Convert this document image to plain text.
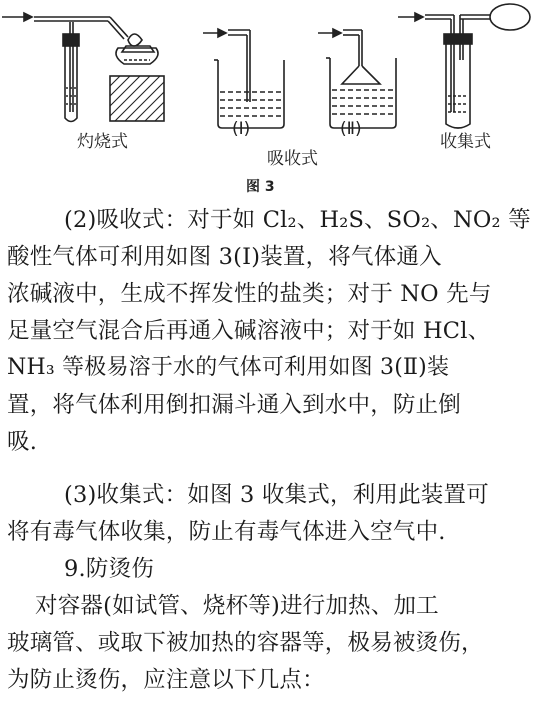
灼烧式
(Ⅰ)	(Ⅱ)
收集式
吸收式
图 3
(2)吸收式：对于如 Cl₂、H₂S、SO₂、NO₂ 等
酸性气体可利用如图 3(Ⅰ)装置，将气体通入
浓碱液中，生成不挥发性的盐类；对于 NO 先与
足量空气混合后再通入碱溶液中；对于如 HCl、
NH₃ 等极易溶于水的气体可利用如图 3(Ⅱ)装
置，将气体利用倒扣漏斗通入到水中，防止倒
吸.
(3)收集式：如图 3 收集式，利用此装置可
将有毒气体收集，防止有毒气体进入空气中.
9.防烫伤
对容器(如试管、烧杯等)进行加热、加工
玻璃管、或取下被加热的容器等，极易被烫伤，
为防止烫伤，应注意以下几点：
